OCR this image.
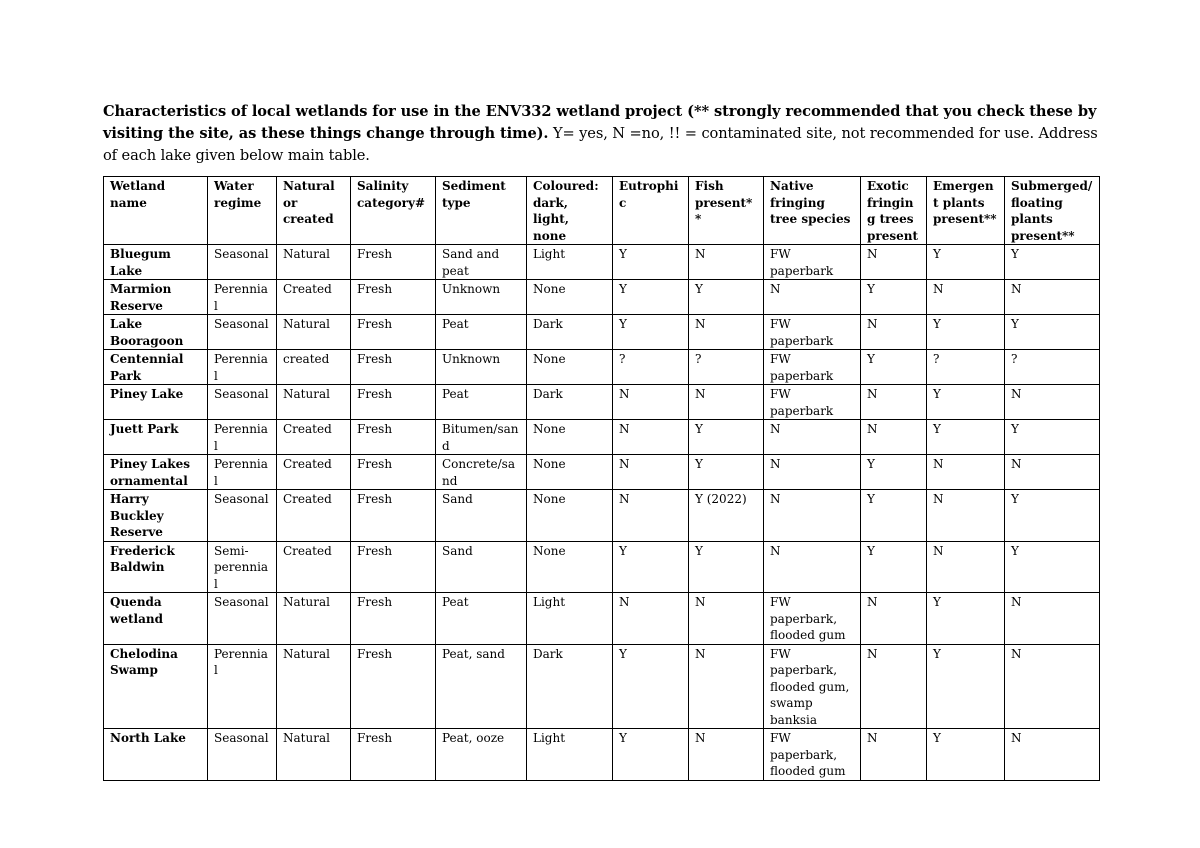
Characteristics of local wetlands for use in the ENV332 wetland project (** strongly recommended that you check these by visiting the site, as these things change through time). Y= yes, N =no, !! = contaminated site, not recommended for use. Address of each lake given below main table.
Wetland name	Water regime	Natural or created	Salinity category#	Sediment type	Coloured: dark, light, none	Eutrophic	Fish present**	Native fringing tree species	Exotic fringing trees present	Emergent plants present**	Submerged/ floating plants present**
Bluegum Lake	Seasonal	Natural	Fresh	Sand and peat	Light	Y	N	FW paperbark	N	Y	Y
Marmion Reserve	Perennial	Created	Fresh	Unknown	None	Y	Y	N	Y	N	N
Lake Booragoon	Seasonal	Natural	Fresh	Peat	Dark	Y	N	FW paperbark	N	Y	Y
Centennial Park	Perennial	created	Fresh	Unknown	None	?	?	FW paperbark	Y	?	?
Piney Lake	Seasonal	Natural	Fresh	Peat	Dark	N	N	FW paperbark	N	Y	N
Juett Park	Perennial	Created	Fresh	Bitumen/sand	None	N	Y	N	N	Y	Y
Piney Lakes ornamental	Perennial	Created	Fresh	Concrete/sand	None	N	Y	N	Y	N	N
Harry Buckley Reserve	Seasonal	Created	Fresh	Sand	None	N	Y (2022)	N	Y	N	Y
Frederick Baldwin	Semi-perennial	Created	Fresh	Sand	None	Y	Y	N	Y	N	Y
Quenda wetland	Seasonal	Natural	Fresh	Peat	Light	N	N	FW paperbark, flooded gum	N	Y	N
Chelodina Swamp	Perennial	Natural	Fresh	Peat, sand	Dark	Y	N	FW paperbark, flooded gum, swamp banksia	N	Y	N
North Lake	Seasonal	Natural	Fresh	Peat, ooze	Light	Y	N	FW paperbark, flooded gum	N	Y	N
